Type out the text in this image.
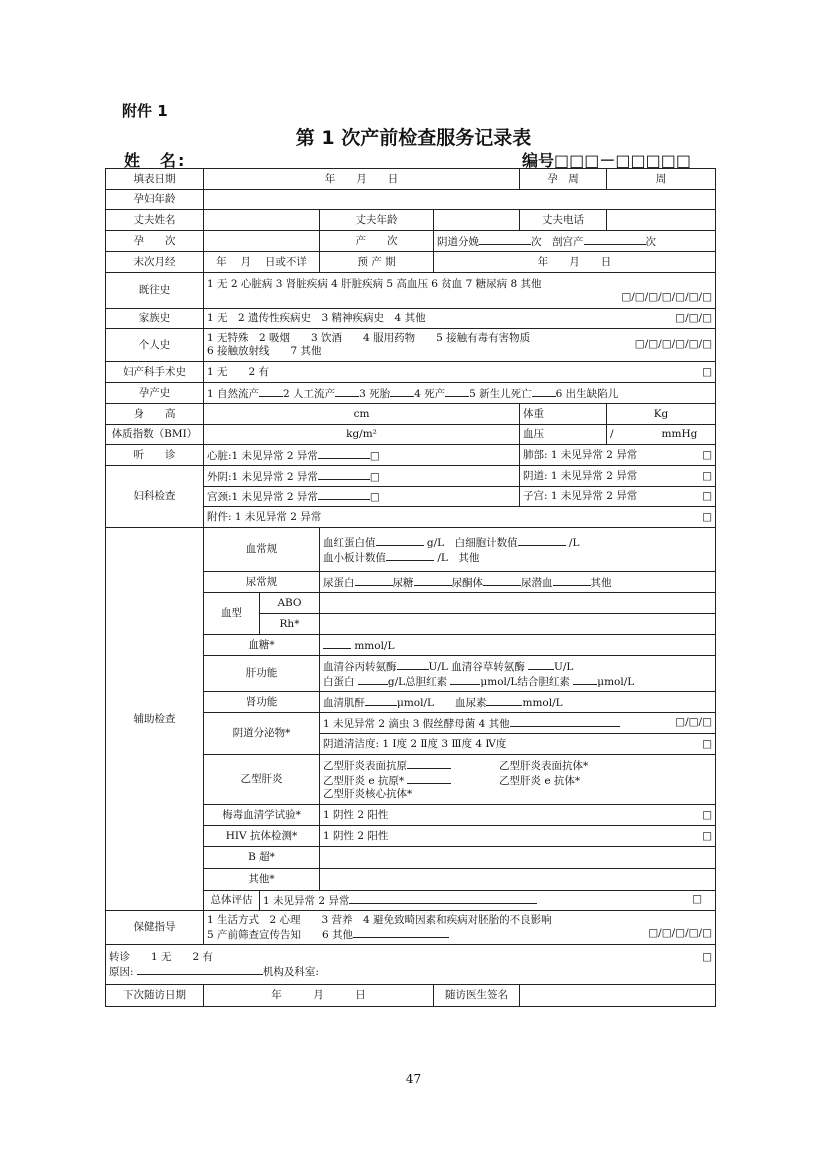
附件 1
第 1 次产前检查服务记录表
姓　名:	编号□□□－□□□□□
填表日期	年　　月　　日				孕　周	周
孕妇年龄						
丈夫姓名			丈夫年龄		丈夫电话	
孕　　次			产　　次	阴道分娩 次　 剖宫产 次		
末次月经	年　 月　 日或不详		预 产 期	年　　月　　日		
既往史	1 无 2 心脏病 3 肾脏疾病 4 肝脏疾病 5 高血压 6 贫血 7 糖尿病 8 其他
□/□/□/□/□/□/□					

家族史	1 无　2 遗传性疾病史　3 精神疾病史　4 其他 □/□/□					

个人史	□/□/□/□/□/□
1 无特殊　2 吸烟　　3 饮酒　　4 服用药物　　5 接触有毒有害物质
6 接触放射线　　7 其他					

妇产科手术史	1 无　　2 有 □					

孕产史	1 自然流产 2 人工流产 3 死胎 4 死产 5 新生儿死亡 6 出生缺陷儿					
身　　高	cm				体重	Kg
体质指数（BMI）	kg/m²				血压	/ mmHg
听　　诊	心脏:1 未见异常 2 异常 □				肺部: 1 未见异常 2 异常 □	

妇科检查	外阴:1 未见异常 2 异常 □				阴道: 1 未见异常 2 异常 □	

	宫颈:1 未见异常 2 异常 □				子宫: 1 未见异常 2 异常 □	

	附件: 1 未见异常 2 异常 □					

辅助检查	血常规		血红蛋白值 g/L　 白细胞计数值 /L
血小板计数值 /L　其他			

	尿常规		尿蛋白 尿糖 尿酮体 尿潜血 其他			
	血型	ABO				
		Rh*				
	血糖*		mmol/L			
	肝功能		血清谷丙转氨酶 U/L 血清谷草转氨酶 U/L
白蛋白 g/L总胆红素 μmol/L结合胆红素 μmol/L			

	肾功能		血清肌酐 μmol/L　　 血尿素 mmol/L			
	阴道分泌物*		1 未见异常 2 滴虫 3 假丝酵母菌 4 其他 □/□/□			

			阴道清洁度: 1 Ⅰ度 2 Ⅱ度 3 Ⅲ度 4 Ⅳ度 □			

	乙型肝炎		乙型肝炎表面抗原 乙型肝炎表面抗体*
乙型肝炎 e 抗原* 乙型肝炎 e 抗体*
乙型肝炎核心抗体*			

	梅毒血清学试验*		1 阴性 2 阳性 □			

	HIV 抗体检测*		1 阴性 2 阳性 □			

	B 超*					
	其他*					
	总体评估	1 未见异常 2 异常 □				

保健指导	1 生活方式　2 心理　　3 营养　4 避免致畸因素和疾病对胚胎的不良影响
5 产前筛查宣传告知　　6 其他 □/□/□/□/□					

转诊　　1 无　　2 有 □
原因: 机构及科室:						

下次随访日期	年　　　月　　　日			随访医生签名		
47
